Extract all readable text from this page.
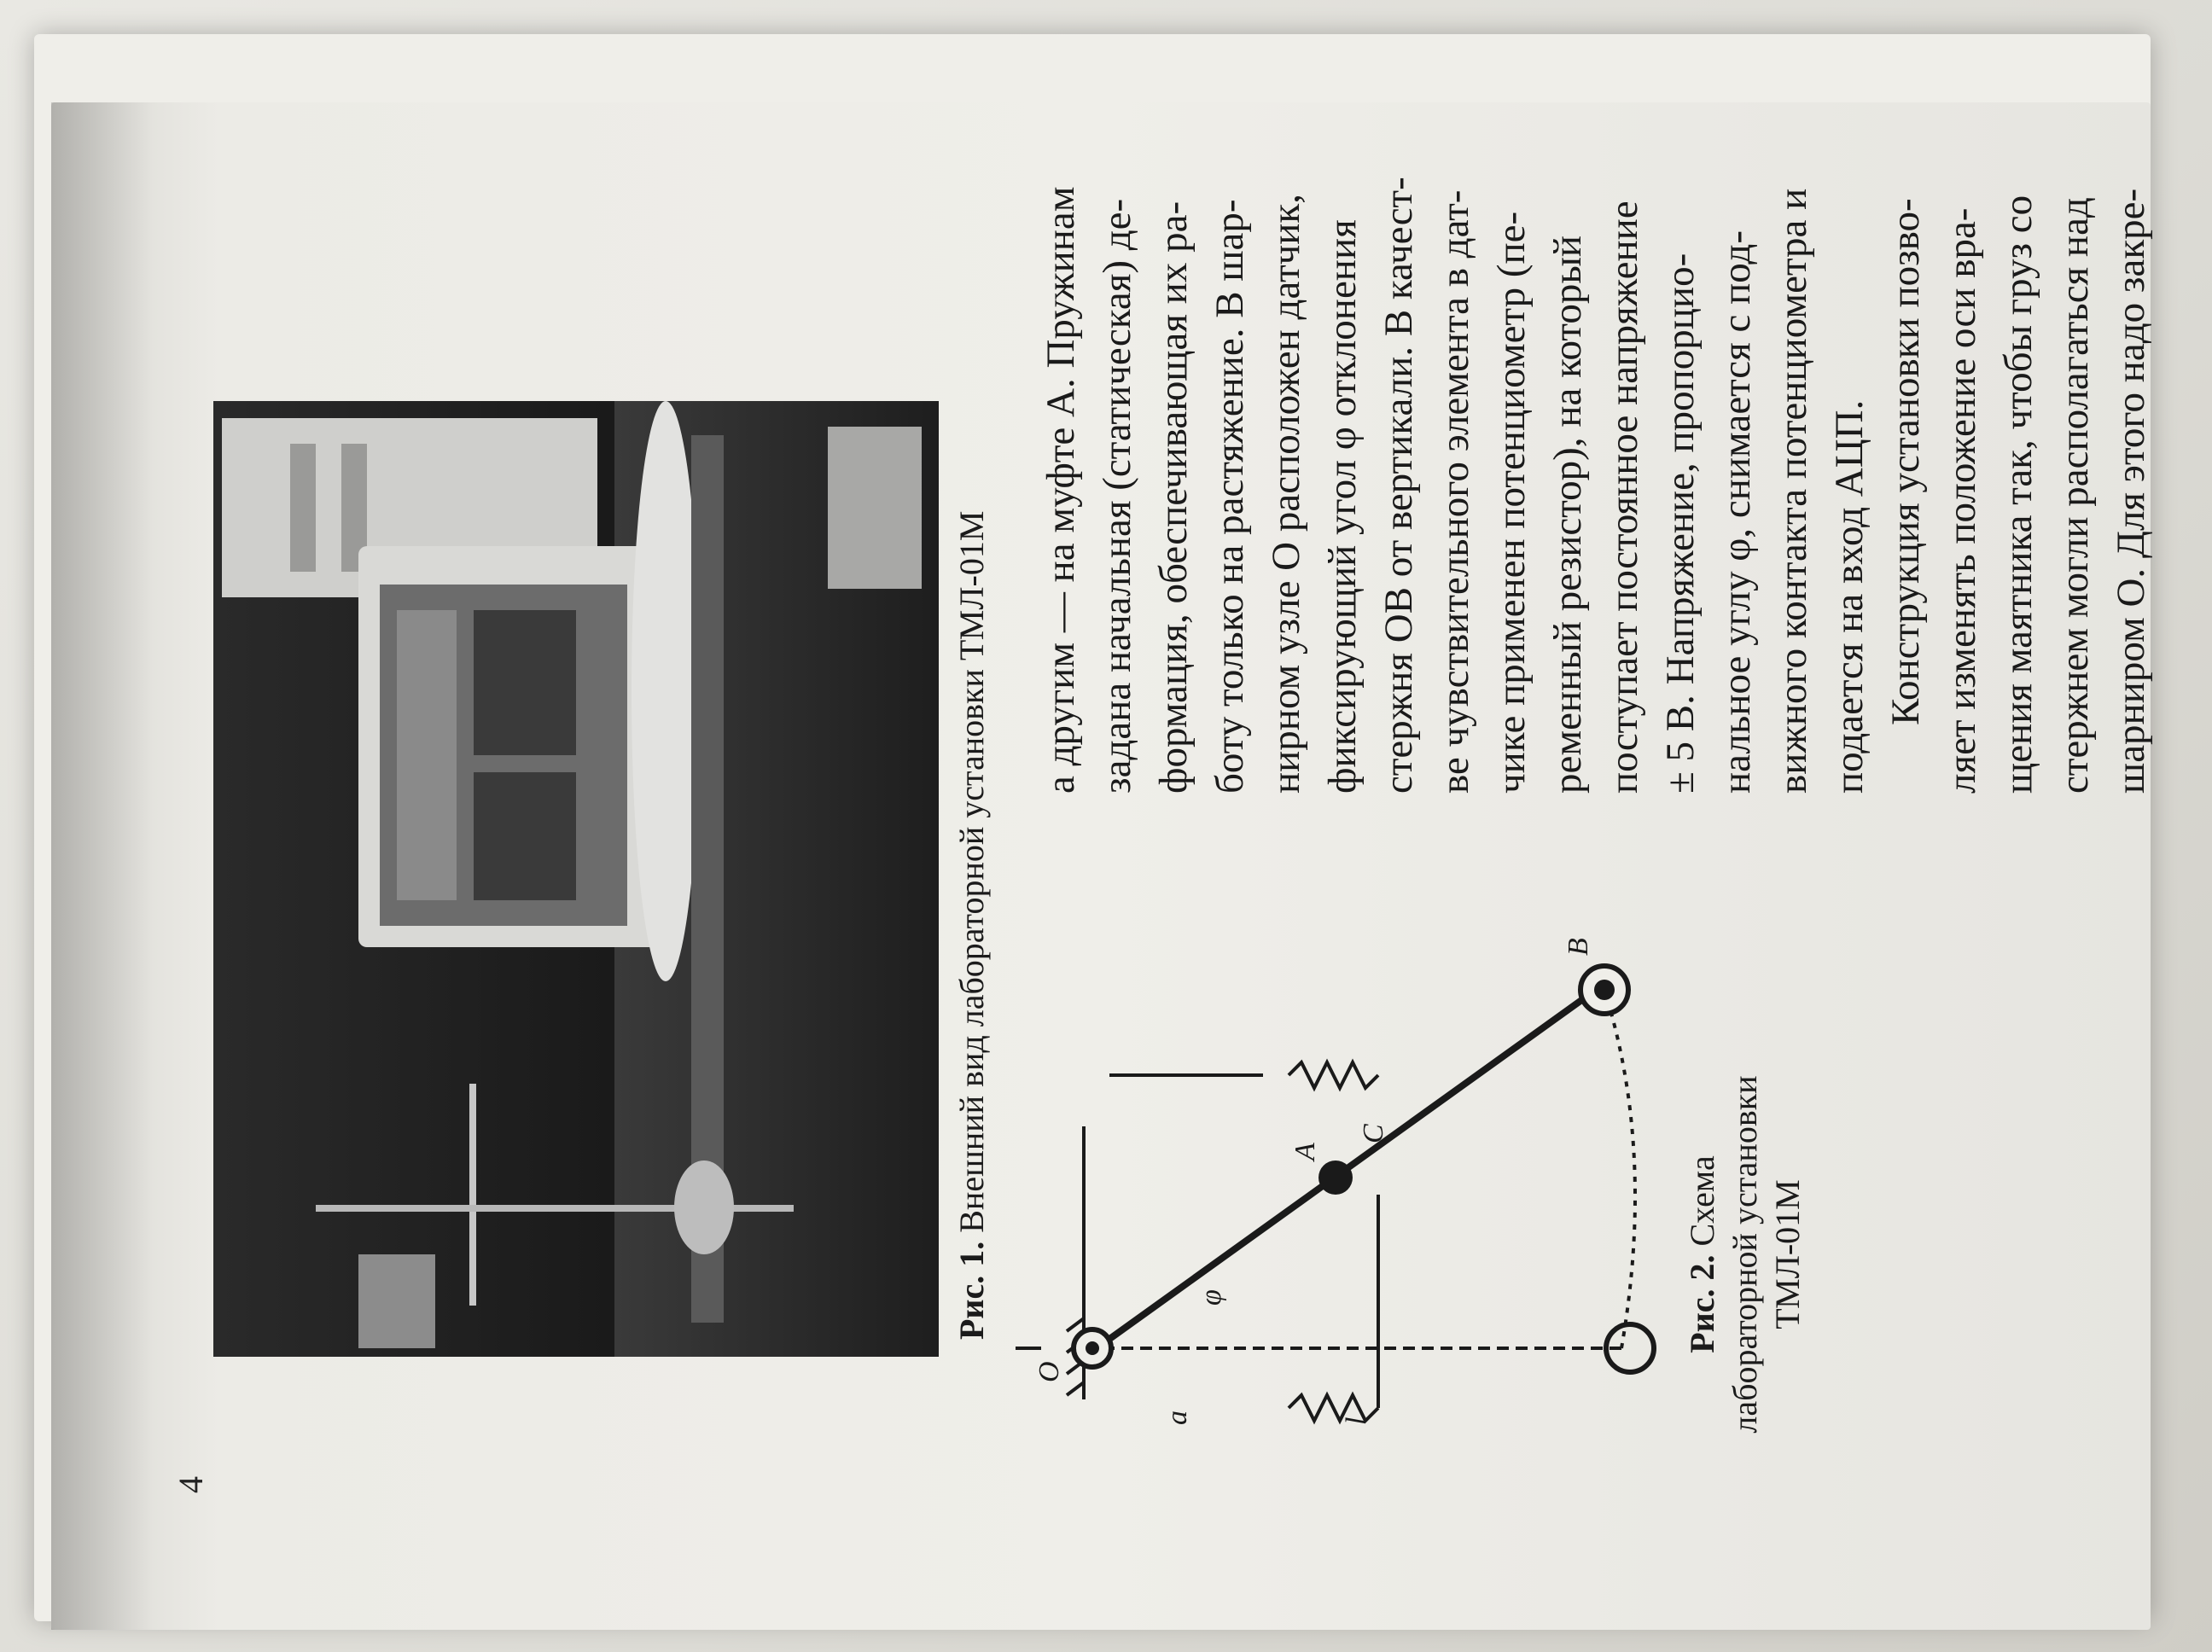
Рис. 1. Внешний вид лабораторной установки ТМЛ-01М
O
A
C
B
φ
a	l
Рис. 2. Схема лабораторной установки ТМЛ-01М

а другим — на муфте A. Пружинам задана начальная (статическая) де- формация, обеспечивающая их ра- боту только на растяжение. В шар- нирном узле O расположен датчик, фиксирующий угол φ отклонения стержня OB от вертикали. В качест- ве чувствительного элемента в дат- чике применен потенциометр (пе- ременный резистор), на который поступает постоянное напряжение ± 5 В. Напряжение, пропорцио- нальное углу φ, снимается с под- вижного контакта потенциометра и подается на вход АЦП. Конструкция установки позво- ляет изменять положение оси вра- щения маятника так, чтобы груз со стержнем могли располагаться над шарниром O. Для этого надо закре-

4
